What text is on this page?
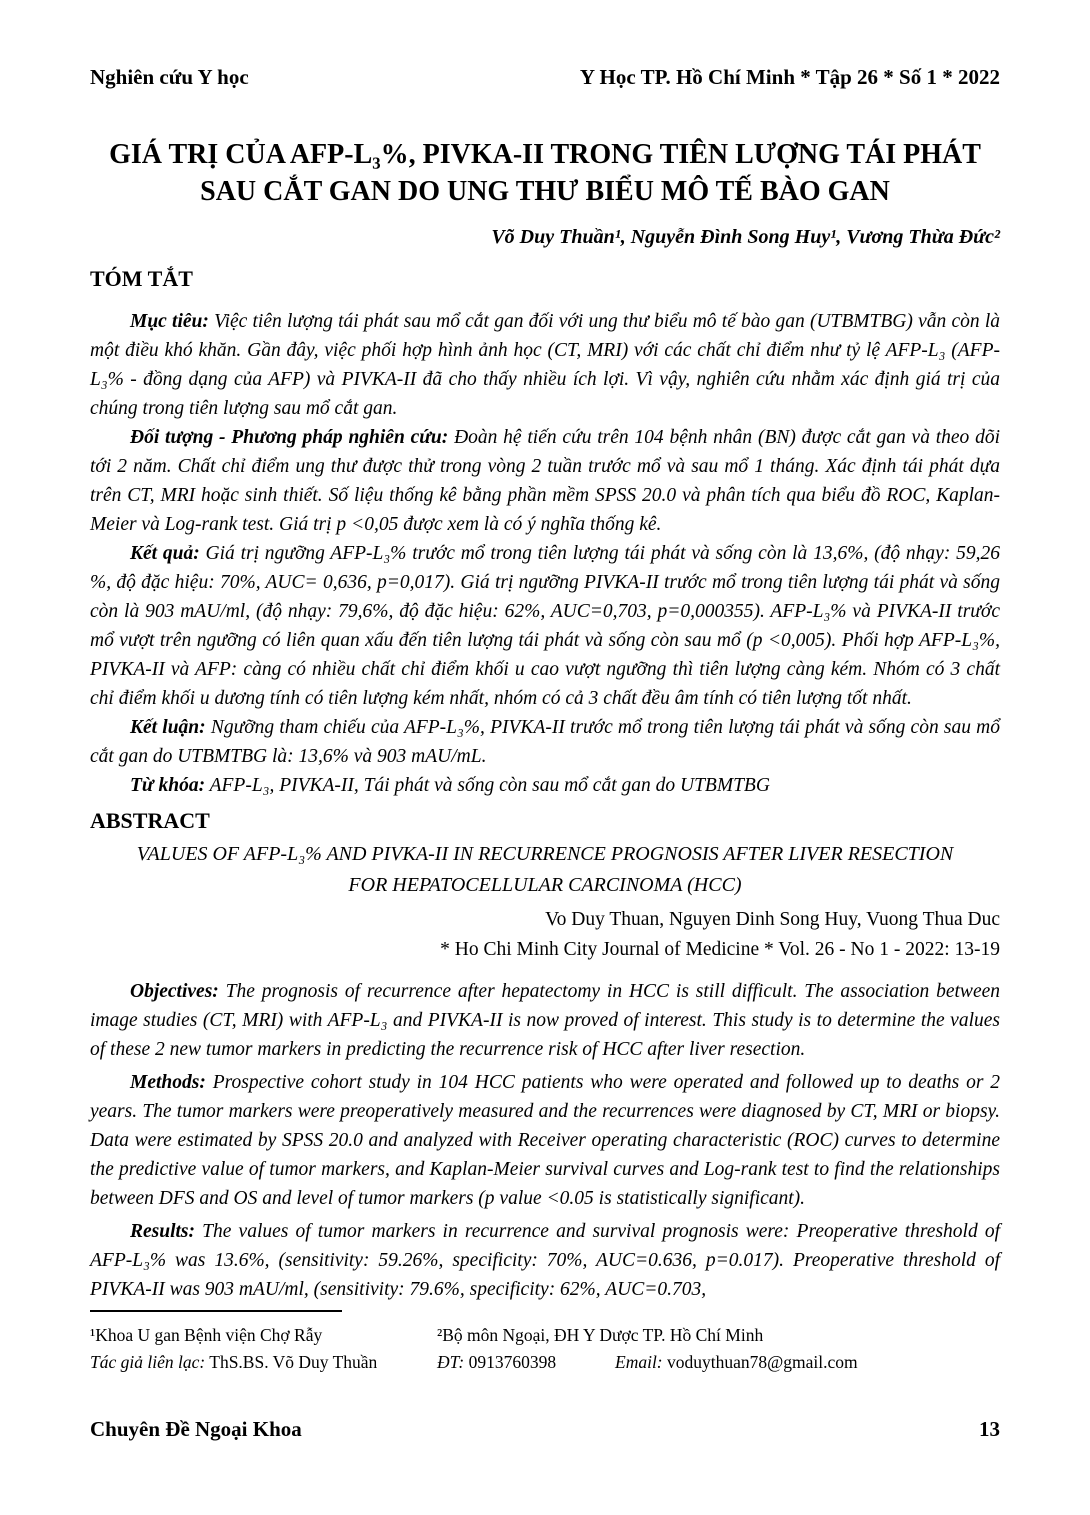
Nghiên cứu Y học	Y Học TP. Hồ Chí Minh * Tập 26 * Số 1 * 2022
GIÁ TRỊ CỦA AFP-L₃%, PIVKA-II TRONG TIÊN LƯỢNG TÁI PHÁT
SAU CẮT GAN DO UNG THƯ BIỂU MÔ TẾ BÀO GAN
Võ Duy Thuần¹, Nguyễn Đình Song Huy¹, Vương Thừa Đức²
TÓM TẮT

Mục tiêu: Việc tiên lượng tái phát sau mổ cắt gan đối với ung thư biểu mô tế bào gan (UTBMTBG) vẫn còn là một điều khó khăn. Gần đây, việc phối hợp hình ảnh học (CT, MRI) với các chất chỉ điểm như tỷ lệ AFP-L₃ (AFP-L₃% - đồng dạng của AFP) và PIVKA-II đã cho thấy nhiều ích lợi. Vì vậy, nghiên cứu nhằm xác định giá trị của chúng trong tiên lượng sau mổ cắt gan.

Đối tượng - Phương pháp nghiên cứu: Đoàn hệ tiến cứu trên 104 bệnh nhân (BN) được cắt gan và theo dõi tới 2 năm. Chất chỉ điểm ung thư được thử trong vòng 2 tuần trước mổ và sau mổ 1 tháng. Xác định tái phát dựa trên CT, MRI hoặc sinh thiết. Số liệu thống kê bằng phần mềm SPSS 20.0 và phân tích qua biểu đồ ROC, Kaplan-Meier và Log-rank test. Giá trị p <0,05 được xem là có ý nghĩa thống kê.

Kết quả: Giá trị ngưỡng AFP-L₃% trước mổ trong tiên lượng tái phát và sống còn là 13,6%, (độ nhạy: 59,26 %, độ đặc hiệu: 70%, AUC= 0,636, p=0,017). Giá trị ngưỡng PIVKA-II trước mổ trong tiên lượng tái phát và sống còn là 903 mAU/ml, (độ nhạy: 79,6%, độ đặc hiệu: 62%, AUC=0,703, p=0,000355). AFP-L₃% và PIVKA-II trước mổ vượt trên ngưỡng có liên quan xấu đến tiên lượng tái phát và sống còn sau mổ (p <0,005). Phối hợp AFP-L₃%, PIVKA-II và AFP: càng có nhiều chất chỉ điểm khối u cao vượt ngưỡng thì tiên lượng càng kém. Nhóm có 3 chất chỉ điểm khối u dương tính có tiên lượng kém nhất, nhóm có cả 3 chất đều âm tính có tiên lượng tốt nhất.

Kết luận: Ngưỡng tham chiếu của AFP-L₃%, PIVKA-II trước mổ trong tiên lượng tái phát và sống còn sau mổ cắt gan do UTBMTBG là: 13,6% và 903 mAU/mL.

Từ khóa: AFP-L₃, PIVKA-II, Tái phát và sống còn sau mổ cắt gan do UTBMTBG

ABSTRACT
VALUES OF AFP-L₃% AND PIVKA-II IN RECURRENCE PROGNOSIS AFTER LIVER RESECTION
FOR HEPATOCELLULAR CARCINOMA (HCC)
Vo Duy Thuan, Nguyen Dinh Song Huy, Vuong Thua Duc
* Ho Chi Minh City Journal of Medicine * Vol. 26 - No 1 - 2022: 13-19

Objectives: The prognosis of recurrence after hepatectomy in HCC is still difficult. The association between image studies (CT, MRI) with AFP-L₃ and PIVKA-II is now proved of interest. This study is to determine the values of these 2 new tumor markers in predicting the recurrence risk of HCC after liver resection.

Methods: Prospective cohort study in 104 HCC patients who were operated and followed up to deaths or 2 years. The tumor markers were preoperatively measured and the recurrences were diagnosed by CT, MRI or biopsy. Data were estimated by SPSS 20.0 and analyzed with Receiver operating characteristic (ROC) curves to determine the predictive value of tumor markers, and Kaplan-Meier survival curves and Log-rank test to find the relationships between DFS and OS and level of tumor markers (p value <0.05 is statistically significant).

Results: The values of tumor markers in recurrence and survival prognosis were: Preoperative threshold of AFP-L₃% was 13.6%, (sensitivity: 59.26%, specificity: 70%, AUC=0.636, p=0.017). Preoperative threshold of PIVKA-II was 903 mAU/ml, (sensitivity: 79.6%, specificity: 62%, AUC=0.703,

¹Khoa U gan Bệnh viện Chợ Rẫy	²Bộ môn Ngoại, ĐH Y Dược TP. Hồ Chí Minh
Tác giả liên lạc: ThS.BS. Võ Duy Thuần	ĐT: 0913760398	Email: voduythuan78@gmail.com
Chuyên Đề Ngoại Khoa	13
